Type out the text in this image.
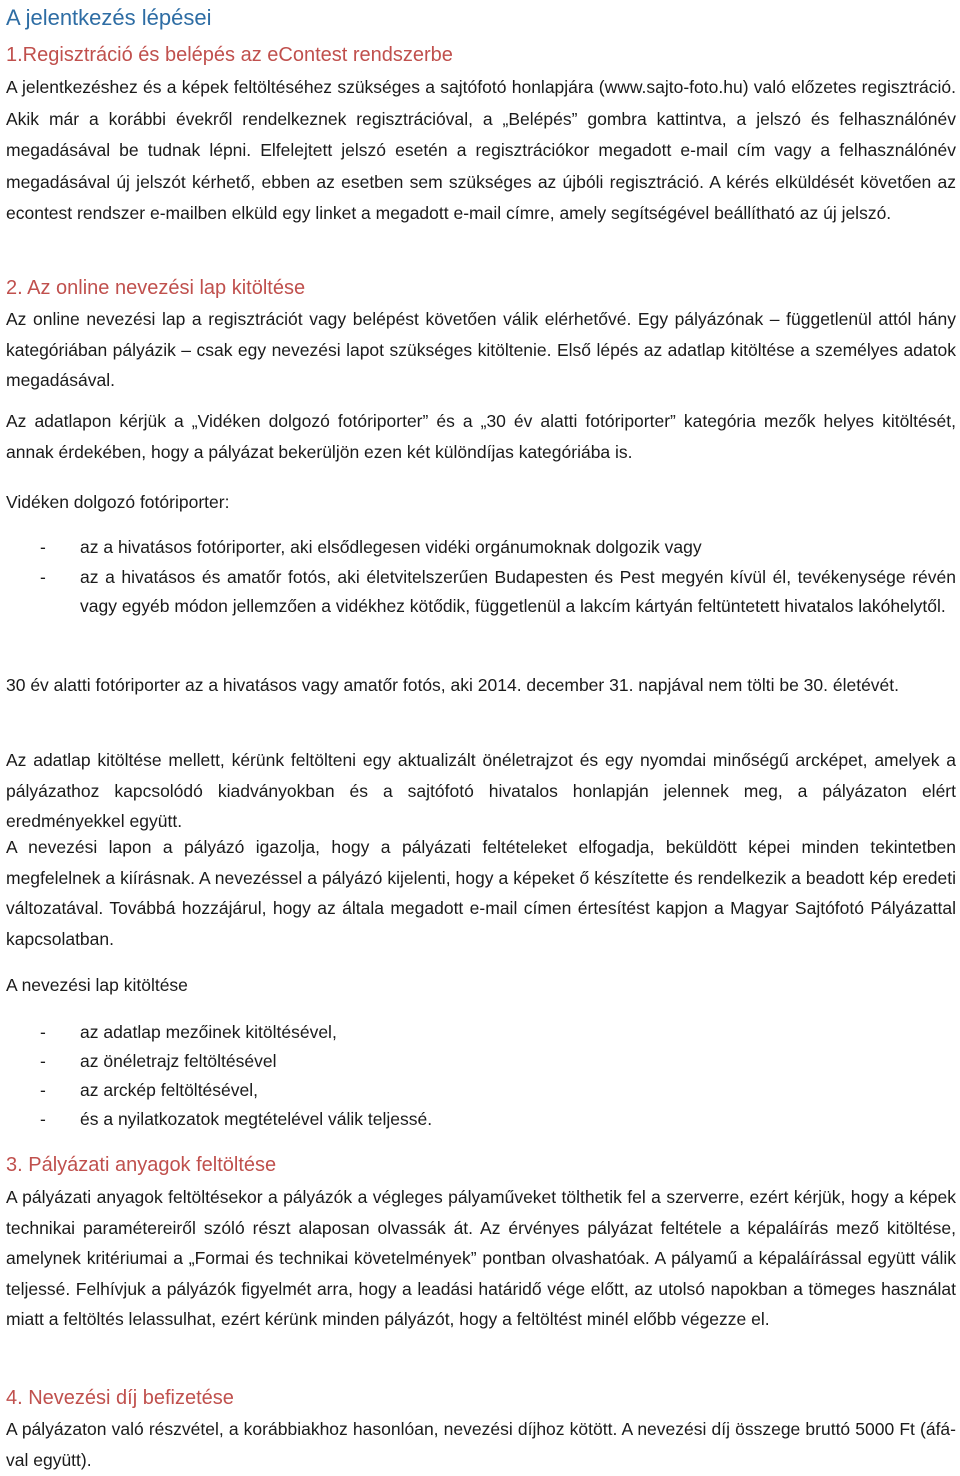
A jelentkezés lépései
1.Regisztráció és belépés az eContest rendszerbe
A jelentkezéshez és a képek feltöltéséhez szükséges a sajtófotó honlapjára (www.sajto-foto.hu) való előzetes regisztráció. Akik már a korábbi évekről rendelkeznek regisztrációval, a „Belépés” gombra kattintva, a jelszó és felhasználónév megadásával be tudnak lépni. Elfelejtett jelszó esetén a regisztrációkor megadott e-mail cím vagy a felhasználónév megadásával új jelszót kérhető, ebben az esetben sem szükséges az újbóli regisztráció. A kérés elküldését követően az econtest rendszer e-mailben elküld egy linket a megadott e-mail címre, amely segítségével beállítható az új jelszó.
2. Az online nevezési lap kitöltése
Az online nevezési lap a regisztrációt vagy belépést követően válik elérhetővé. Egy pályázónak – függetlenül attól hány kategóriában pályázik – csak egy nevezési lapot szükséges kitöltenie. Első lépés az adatlap kitöltése a személyes adatok megadásával.
Az adatlapon kérjük a „Vidéken dolgozó fotóriporter” és a „30 év alatti fotóriporter” kategória mezők helyes kitöltését, annak érdekében, hogy a pályázat bekerüljön ezen két különdíjas kategóriába is.
Vidéken dolgozó fotóriporter:
- az a hivatásos fotóriporter, aki elsődlegesen vidéki orgánumoknak dolgozik vagy
- az a hivatásos és amatőr fotós, aki életvitelszerűen Budapesten és Pest megyén kívül él, tevékenysége révén vagy egyéb módon jellemzően a vidékhez kötődik, függetlenül a lakcím kártyán feltüntetett hivatalos lakóhelytől.
30 év alatti fotóriporter az a hivatásos vagy amatőr fotós, aki 2014. december 31. napjával nem tölti be 30. életévét.
Az adatlap kitöltése mellett, kérünk feltölteni egy aktualizált önéletrajzot és egy nyomdai minőségű arcképet, amelyek a pályázathoz kapcsolódó kiadványokban és a sajtófotó hivatalos honlapján jelennek meg, a pályázaton elért eredményekkel együtt.
A nevezési lapon a pályázó igazolja, hogy a pályázati feltételeket elfogadja, beküldött képei minden tekintetben megfelelnek a kiírásnak. A nevezéssel a pályázó kijelenti, hogy a képeket ő készítette és rendelkezik a beadott kép eredeti változatával. Továbbá hozzájárul, hogy az általa megadott e-mail címen értesítést kapjon a Magyar Sajtófotó Pályázattal kapcsolatban.
A nevezési lap kitöltése
- az adatlap mezőinek kitöltésével,
- az önéletrajz feltöltésével
- az arckép feltöltésével,
- és a nyilatkozatok megtételével válik teljessé.
3. Pályázati anyagok feltöltése
A pályázati anyagok feltöltésekor a pályázók a végleges pályaműveket tölthetik fel a szerverre, ezért kérjük, hogy a képek technikai paramétereiről szóló részt alaposan olvassák át. Az érvényes pályázat feltétele a képaláírás mező kitöltése, amelynek kritériumai a „Formai és technikai követelmények” pontban olvashatóak. A pályamű a képaláírással együtt válik teljessé. Felhívjuk a pályázók figyelmét arra, hogy a leadási határidő vége előtt, az utolsó napokban a tömeges használat miatt a feltöltés lelassulhat, ezért kérünk minden pályázót, hogy a feltöltést minél előbb végezze el.
4. Nevezési díj befizetése
A pályázaton való részvétel, a korábbiakhoz hasonlóan, nevezési díjhoz kötött. A nevezési díj összege bruttó 5000 Ft (áfá-val együtt).
